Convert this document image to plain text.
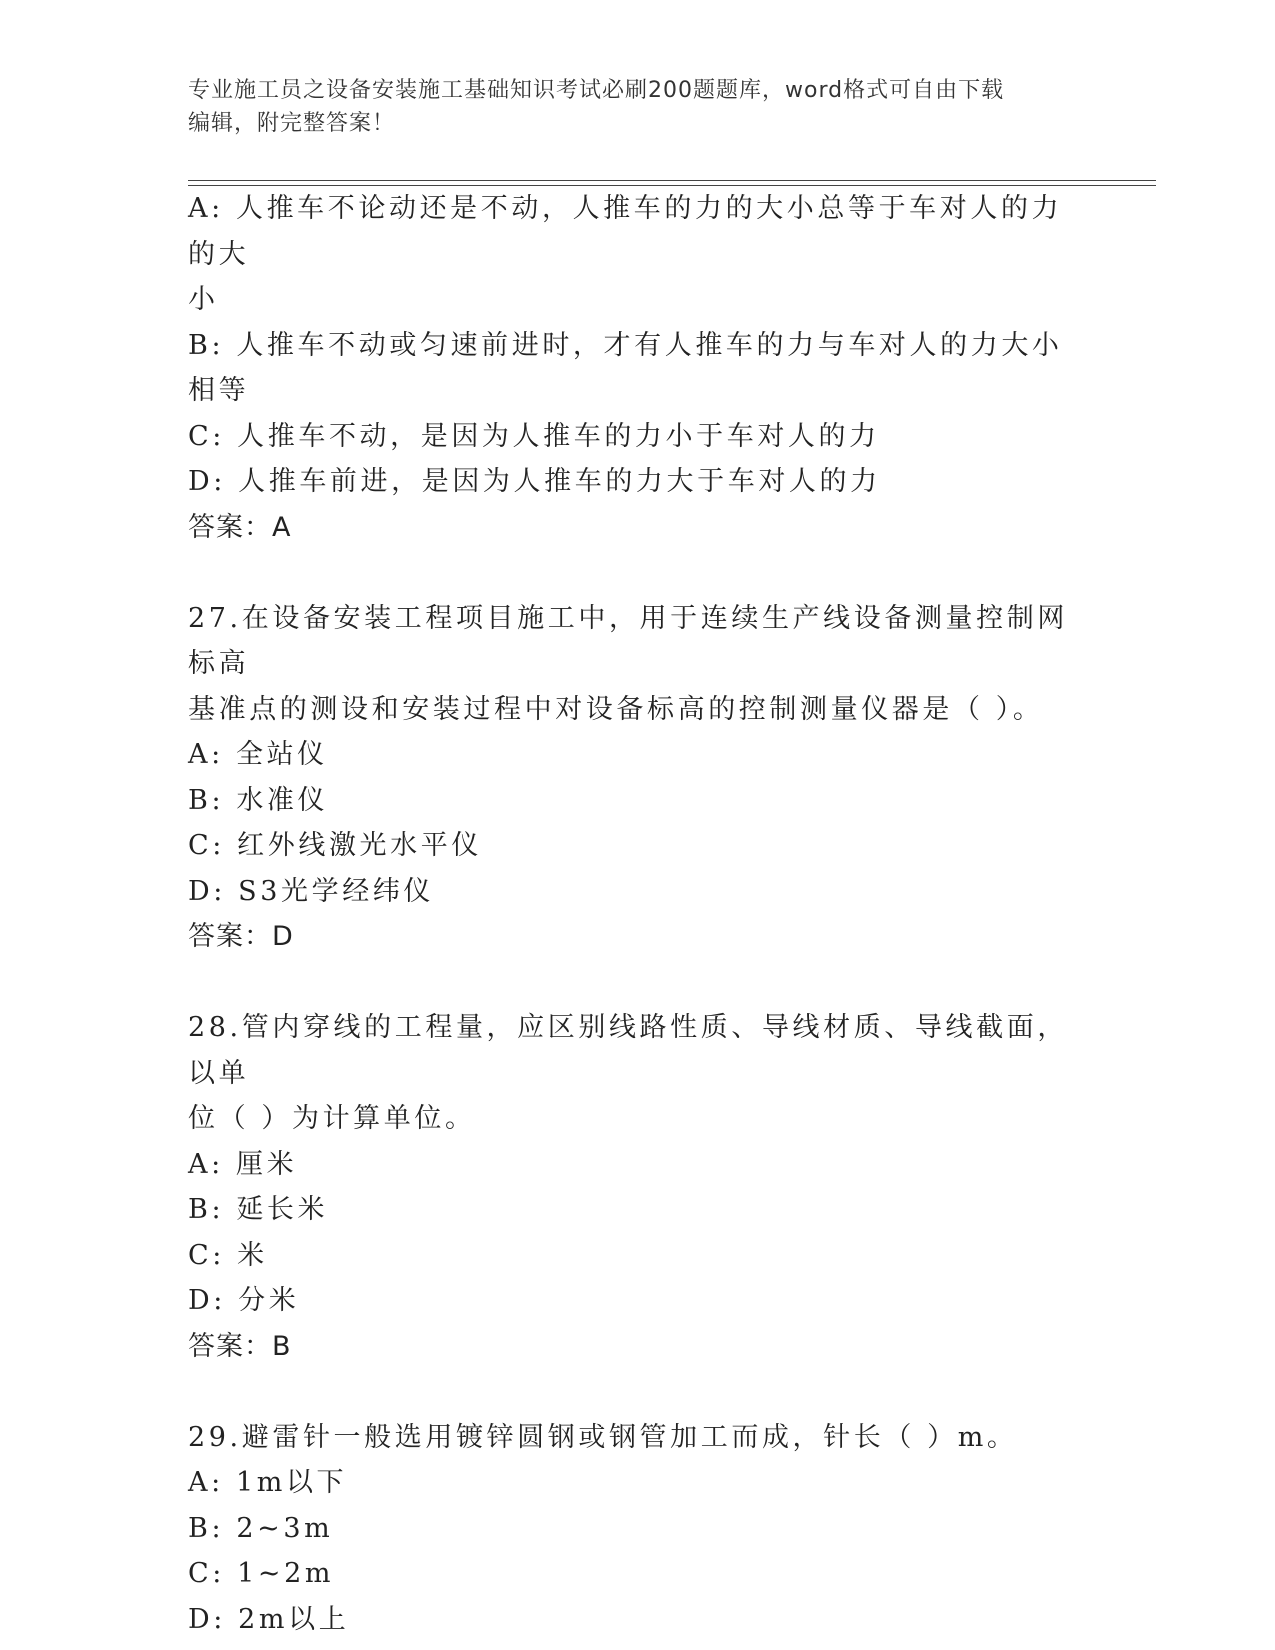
专业施工员之设备安装施工基础知识考试必刷200题题库，word格式可自由下载
编辑，附完整答案！

A: 人推车不论动还是不动，人推车的力的大小总等于车对人的力的大

小

B: 人推车不动或匀速前进时，才有人推车的力与车对人的力大小相等

C: 人推车不动，是因为人推车的力小于车对人的力

D: 人推车前进，是因为人推车的力大于车对人的力

答案：A

27.在设备安装工程项目施工中，用于连续生产线设备测量控制网标高

基准点的测设和安装过程中对设备标高的控制测量仪器是（ ）。

A: 全站仪

B: 水准仪

C: 红外线激光水平仪

D: S3光学经纬仪

答案：D

28.管内穿线的工程量，应区别线路性质、导线材质、导线截面，以单

位（ ）为计算单位。

A: 厘米

B: 延长米

C: 米

D: 分米

答案：B

29.避雷针一般选用镀锌圆钢或钢管加工而成，针长（ ）m。

A: 1m以下

B: 2~3m

C: 1~2m

D: 2m以上
